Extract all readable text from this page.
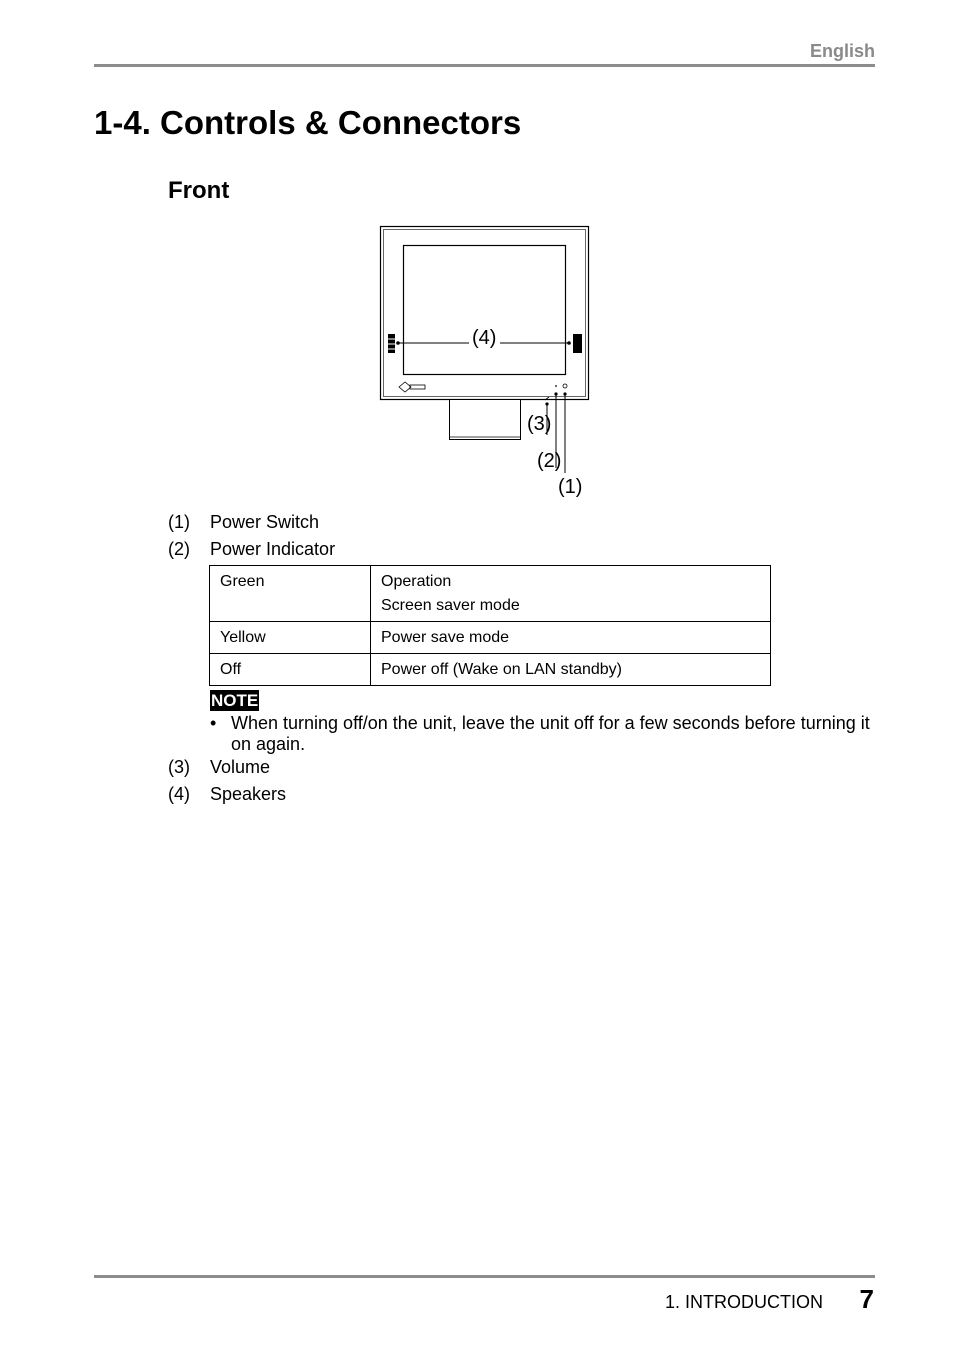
English
1-4. Controls & Connectors
Front
(4)
(3)
(2)
(1)
(1) Power Switch
(2) Power Indicator
Green	Operation
Screen saver mode

Yellow	Power save mode
Off	Power off (Wake on LAN standby)
NOTE
• When turning off/on the unit, leave the unit off for a few seconds before turning it on again.
(3) Volume
(4) Speakers
1. INTRODUCTION 7
